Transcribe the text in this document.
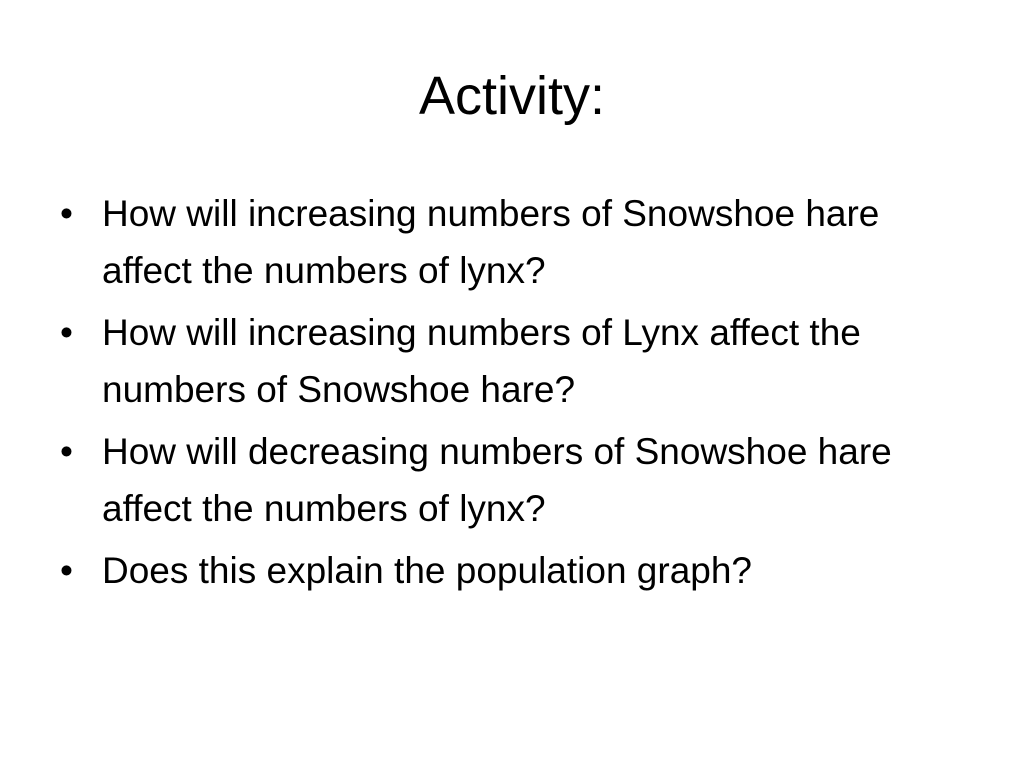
Activity:
• How will increasing numbers of Snowshoe hare affect the numbers of lynx?
• How will increasing numbers of Lynx affect the numbers of Snowshoe hare?
• How will decreasing numbers of Snowshoe hare affect the numbers of lynx?
• Does this explain the population graph?
